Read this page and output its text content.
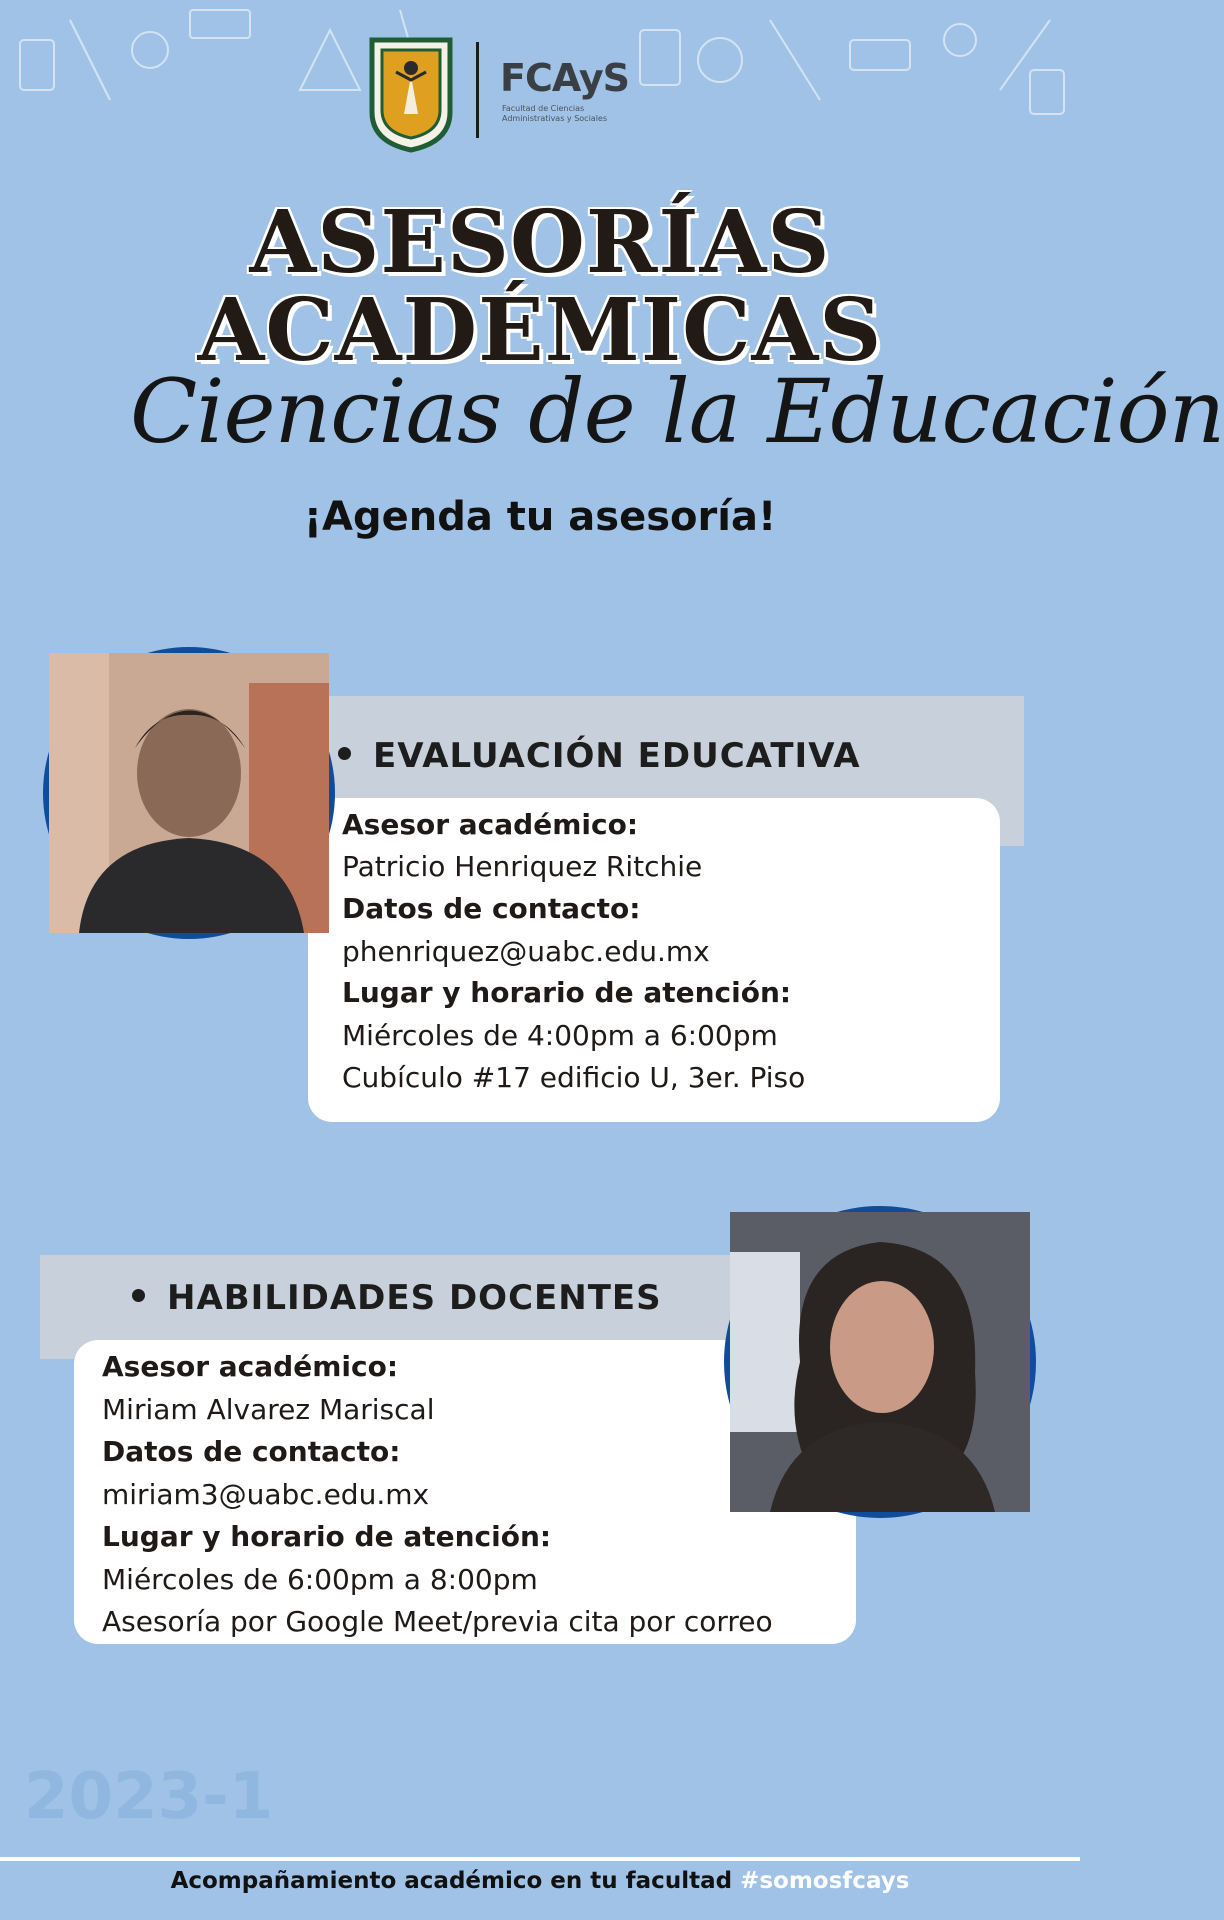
FCAyS
Facultad de Ciencias Administrativas y Sociales
ASESORÍAS
ACADÉMICAS
Ciencias de la Educación
¡Agenda tu asesoría!
EVALUACIÓN EDUCATIVA
Asesor académico:
Patricio Henriquez Ritchie
Datos de contacto:
phenriquez@uabc.edu.mx
Lugar y horario de atención:
Miércoles de 4:00pm a 6:00pm
Cubículo #17 edificio U, 3er. Piso
HABILIDADES DOCENTES
Asesor académico:
Miriam Alvarez Mariscal
Datos de contacto:
miriam3@uabc.edu.mx
Lugar y horario de atención:
Miércoles de 6:00pm a 8:00pm
Asesoría por Google Meet/previa cita por correo
2023-1
Acompañamiento académico en tu facultad #somosfcays
